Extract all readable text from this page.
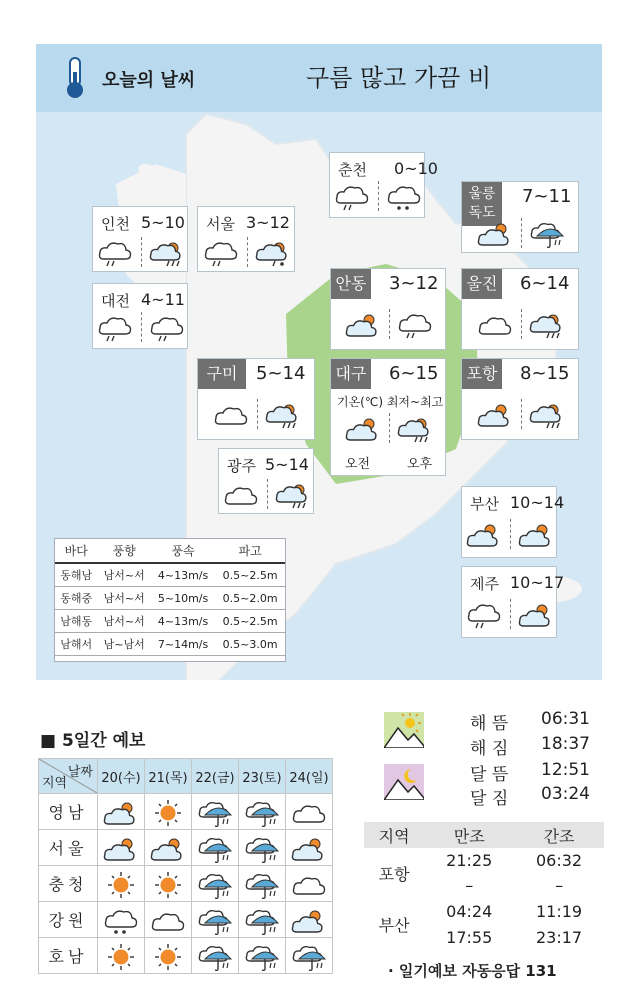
오늘의 날씨	구름 많고 가끔 비
춘천 0~10
인천 5~10 서울 3~12
울릉
독도
7~11
대전 4~11
안동 3~12 울진 6~14
구미	5~14 대구 6~15
기온(℃) 최저~최고
오전	오후
포항 8~15
광주 5~14
부산 10~14
제주 10~17
바다	풍향	풍속	파고
동해남	남서~서	4~13m/s	0.5~2.5m
동해중	남서~서	5~10m/s	0.5~2.0m
남해동	남서~서	4~13m/s	0.5~2.5m
남해서	남~남서	7~14m/s	0.5~3.0m
■ 5일간 예보
날짜
지역	20(수)	21(목)	22(금)	23(토)	24(일)
영남	

서울	

충청	

강원	

호남	

해 뜸 06:31
해 짐 18:37
달 뜸 12:51
달 짐 03:24
지역	만조	간조
포항	21:25	06:32
	–	–
부산	04:24	11:19
	17:55	23:17
· 일기예보 자동응답 131
